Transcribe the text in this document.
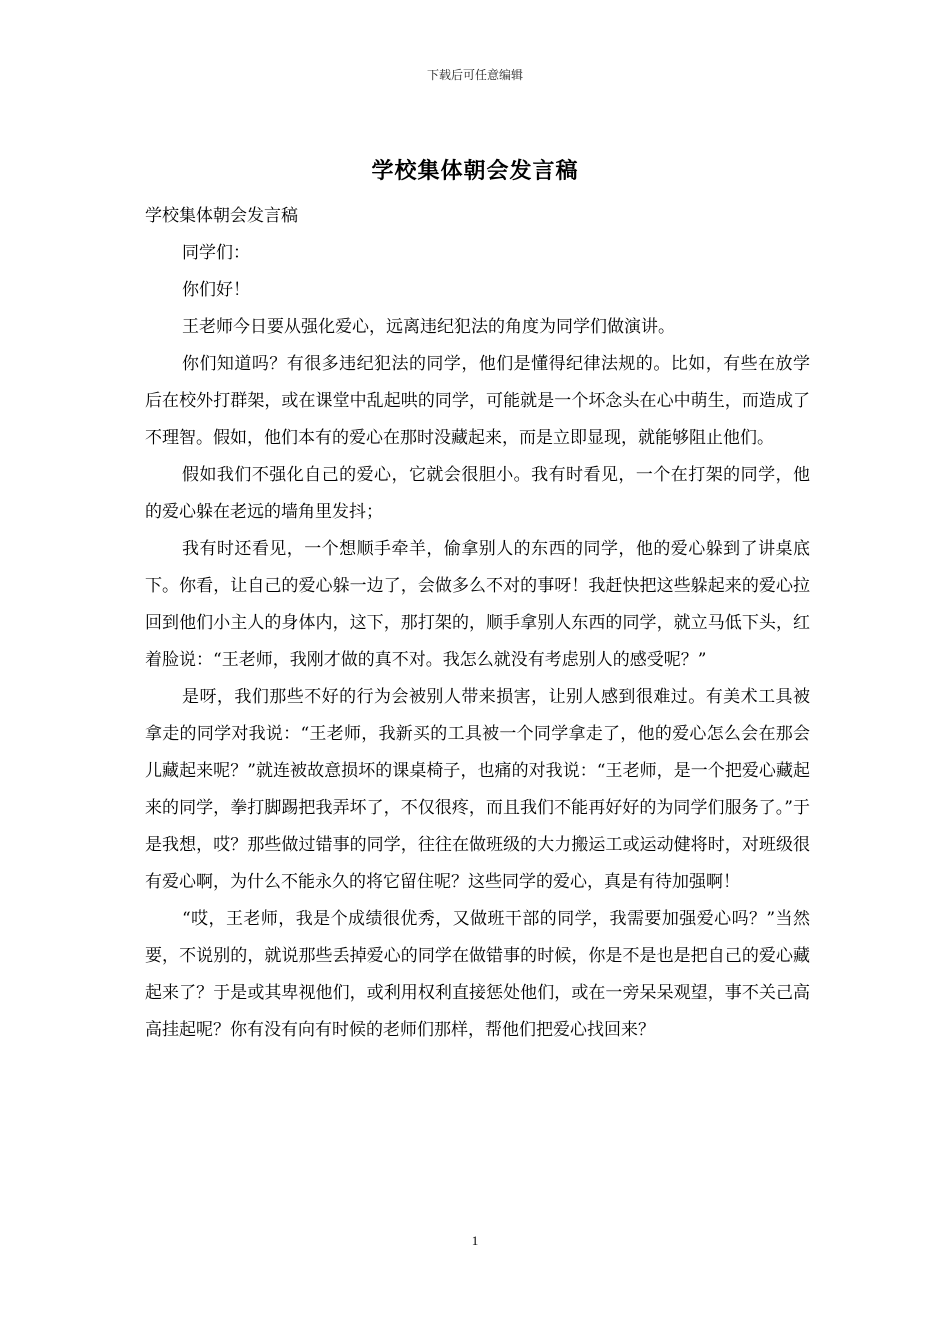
下载后可任意编辑
学校集体朝会发言稿

学校集体朝会发言稿

同学们：

你们好！

王老师今日要从强化爱心，远离违纪犯法的角度为同学们做演讲。

你们知道吗？有很多违纪犯法的同学，他们是懂得纪律法规的。比如，有些在放学后在校外打群架，或在课堂中乱起哄的同学，可能就是一个坏念头在心中萌生，而造成了不理智。假如，他们本有的爱心在那时没藏起来，而是立即显现，就能够阻止他们。

假如我们不强化自己的爱心，它就会很胆小。我有时看见，一个在打架的同学，他的爱心躲在老远的墙角里发抖；

我有时还看见，一个想顺手牵羊，偷拿别人的东西的同学，他的爱心躲到了讲桌底下。你看，让自己的爱心躲一边了，会做多么不对的事呀！我赶快把这些躲起来的爱心拉回到他们小主人的身体内，这下，那打架的，顺手拿别人东西的同学，就立马低下头，红着脸说：“王老师，我刚才做的真不对。我怎么就没有考虑别人的感受呢？”

是呀，我们那些不好的行为会被别人带来损害，让别人感到很难过。有美术工具被拿走的同学对我说：“王老师，我新买的工具被一个同学拿走了，他的爱心怎么会在那会儿藏起来呢？”就连被故意损坏的课桌椅子，也痛的对我说：“王老师，是一个把爱心藏起来的同学，拳打脚踢把我弄坏了，不仅很疼，而且我们不能再好好的为同学们服务了。”于是我想，哎？那些做过错事的同学，往往在做班级的大力搬运工或运动健将时，对班级很有爱心啊，为什么不能永久的将它留住呢？这些同学的爱心，真是有待加强啊！

“哎，王老师，我是个成绩很优秀，又做班干部的同学，我需要加强爱心吗？”当然要，不说别的，就说那些丢掉爱心的同学在做错事的时候，你是不是也是把自己的爱心藏起来了？于是或其卑视他们，或利用权利直接惩处他们，或在一旁呆呆观望，事不关己高高挂起呢？你有没有向有时候的老师们那样，帮他们把爱心找回来？

1
